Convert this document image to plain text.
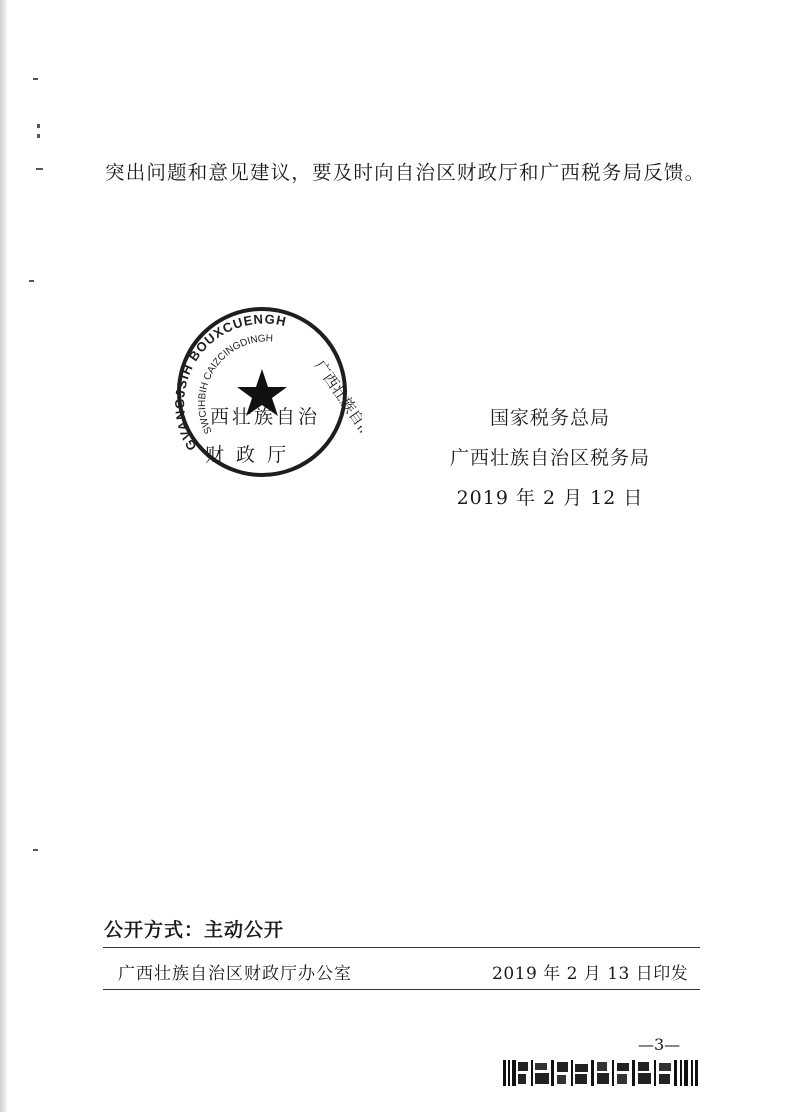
突出问题和意见建议，要及时向自治区财政厅和广西税务局反馈。

GVANGJSIH BOUXCUENGH
SWCIHBIH CAIZCINGDINGH
广西壮族自治区财政厅
西壮族自治
财 政 厅
国家税务总局
广西壮族自治区税务局
2019 年 2 月 12 日
公开方式：主动公开
广西壮族自治区财政厅办公室	2019 年 2 月 13 日印发
—3—
